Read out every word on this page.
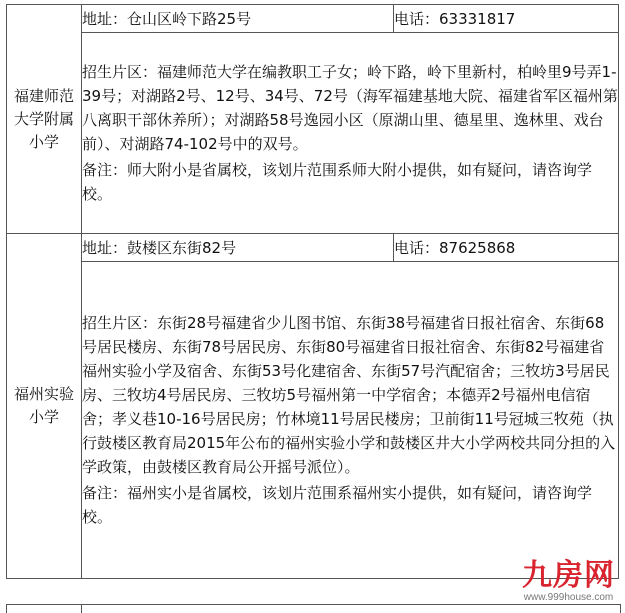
福建师范大学附属小学	地址：仓山区岭下路25号	电话：63331817

	招生片区：福建师范大学在编教职工子女；岭下路，岭下里新村，柏岭里9号弄1-39号；对湖路2号、12号、34号、72号（海军福建基地大院、福建省军区福州第八离职干部休养所）；对湖路58号逸园小区（原湖山里、德星里、逸林里、戏台前）、对湖路74-102号中的双号。

备注：师大附小是省属校，该划片范围系师大附小提供，如有疑问，请咨询学校。	

福州实验小学	地址：鼓楼区东街82号	电话：87625868

	招生片区：东街28号福建省少儿图书馆、东街38号福建省日报社宿舍、东街68号居民楼房、东街78号居民房、东街80号福建省日报社宿舍、东街82号福建省福州实验小学及宿舍、东街53号化建宿舍、东街57号汽配宿舍；三牧坊3号居民房、三牧坊4号居民房、三牧坊5号福州第一中学宿舍；本德弄2号福州电信宿舍；孝义巷10-16号居民房；竹林境11号居民楼房；卫前街11号冠城三牧苑（执行鼓楼区教育局2015年公布的福州实验小学和鼓楼区井大小学两校共同分担的入学政策，由鼓楼区教育局公开摇号派位）。

备注：福州实小是省属校，该划片范围系福州实小提供，如有疑问，请咨询学校。	

九房网
www.999house.com
